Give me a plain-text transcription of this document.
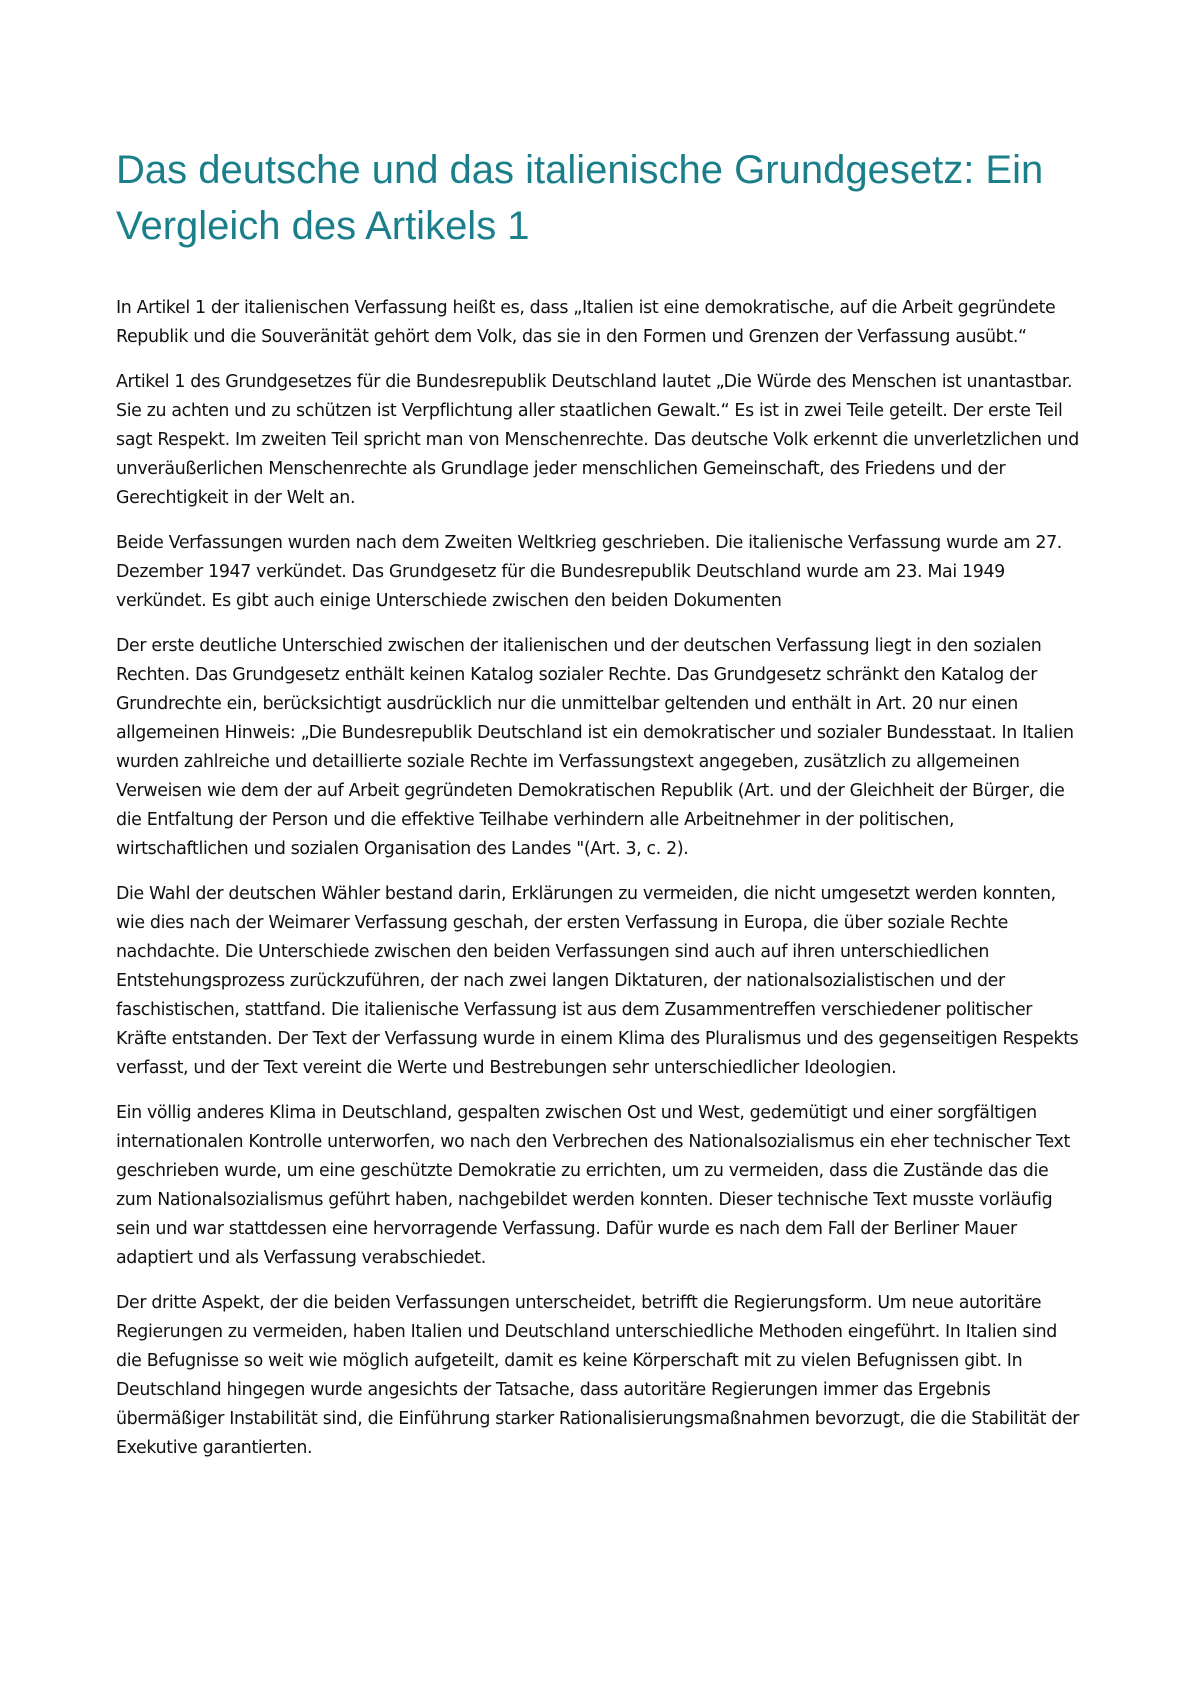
Das deutsche und das italienische Grundgesetz: Ein Vergleich des Artikels 1

In Artikel 1 der italienischen Verfassung heißt es, dass „Italien ist eine demokratische, auf die Arbeit gegründete Republik und die Souveränität gehört dem Volk, das sie in den Formen und Grenzen der Verfassung ausübt.“

Artikel 1 des Grundgesetzes für die Bundesrepublik Deutschland lautet „Die Würde des Menschen ist unantastbar. Sie zu achten und zu schützen ist Verpflichtung aller staatlichen Gewalt.“ Es ist in zwei Teile geteilt. Der erste Teil sagt Respekt. Im zweiten Teil spricht man von Menschenrechte. Das deutsche Volk erkennt die unverletzlichen und unveräußerlichen Menschenrechte als Grundlage jeder menschlichen Gemeinschaft, des Friedens und der Gerechtigkeit in der Welt an.

Beide Verfassungen wurden nach dem Zweiten Weltkrieg geschrieben. Die italienische Verfassung wurde am 27. Dezember 1947 verkündet. Das Grundgesetz für die Bundesrepublik Deutschland wurde am 23. Mai 1949 verkündet. Es gibt auch einige Unterschiede zwischen den beiden Dokumenten

Der erste deutliche Unterschied zwischen der italienischen und der deutschen Verfassung liegt in den sozialen Rechten. Das Grundgesetz enthält keinen Katalog sozialer Rechte. Das Grundgesetz schränkt den Katalog der Grundrechte ein, berücksichtigt ausdrücklich nur die unmittelbar geltenden und enthält in Art. 20 nur einen allgemeinen Hinweis: „Die Bundesrepublik Deutschland ist ein demokratischer und sozialer Bundesstaat. In Italien wurden zahlreiche und detaillierte soziale Rechte im Verfassungstext angegeben, zusätzlich zu allgemeinen Verweisen wie dem der auf Arbeit gegründeten Demokratischen Republik (Art. und der Gleichheit der Bürger, die die Entfaltung der Person und die effektive Teilhabe verhindern alle Arbeitnehmer in der politischen, wirtschaftlichen und sozialen Organisation des Landes "(Art. 3, c. 2).

Die Wahl der deutschen Wähler bestand darin, Erklärungen zu vermeiden, die nicht umgesetzt werden konnten, wie dies nach der Weimarer Verfassung geschah, der ersten Verfassung in Europa, die über soziale Rechte nachdachte. Die Unterschiede zwischen den beiden Verfassungen sind auch auf ihren unterschiedlichen Entstehungsprozess zurückzuführen, der nach zwei langen Diktaturen, der nationalsozialistischen und der faschistischen, stattfand. Die italienische Verfassung ist aus dem Zusammentreffen verschiedener politischer Kräfte entstanden. Der Text der Verfassung wurde in einem Klima des Pluralismus und des gegenseitigen Respekts verfasst, und der Text vereint die Werte und Bestrebungen sehr unterschiedlicher Ideologien.

Ein völlig anderes Klima in Deutschland, gespalten zwischen Ost und West, gedemütigt und einer sorgfältigen internationalen Kontrolle unterworfen, wo nach den Verbrechen des Nationalsozialismus ein eher technischer Text geschrieben wurde, um eine geschützte Demokratie zu errichten, um zu vermeiden, dass die Zustände das die zum Nationalsozialismus geführt haben, nachgebildet werden konnten. Dieser technische Text musste vorläufig sein und war stattdessen eine hervorragende Verfassung. Dafür wurde es nach dem Fall der Berliner Mauer adaptiert und als Verfassung verabschiedet.

Der dritte Aspekt, der die beiden Verfassungen unterscheidet, betrifft die Regierungsform. Um neue autoritäre Regierungen zu vermeiden, haben Italien und Deutschland unterschiedliche Methoden eingeführt. In Italien sind die Befugnisse so weit wie möglich aufgeteilt, damit es keine Körperschaft mit zu vielen Befugnissen gibt. In Deutschland hingegen wurde angesichts der Tatsache, dass autoritäre Regierungen immer das Ergebnis übermäßiger Instabilität sind, die Einführung starker Rationalisierungsmaßnahmen bevorzugt, die die Stabilität der Exekutive garantierten.
